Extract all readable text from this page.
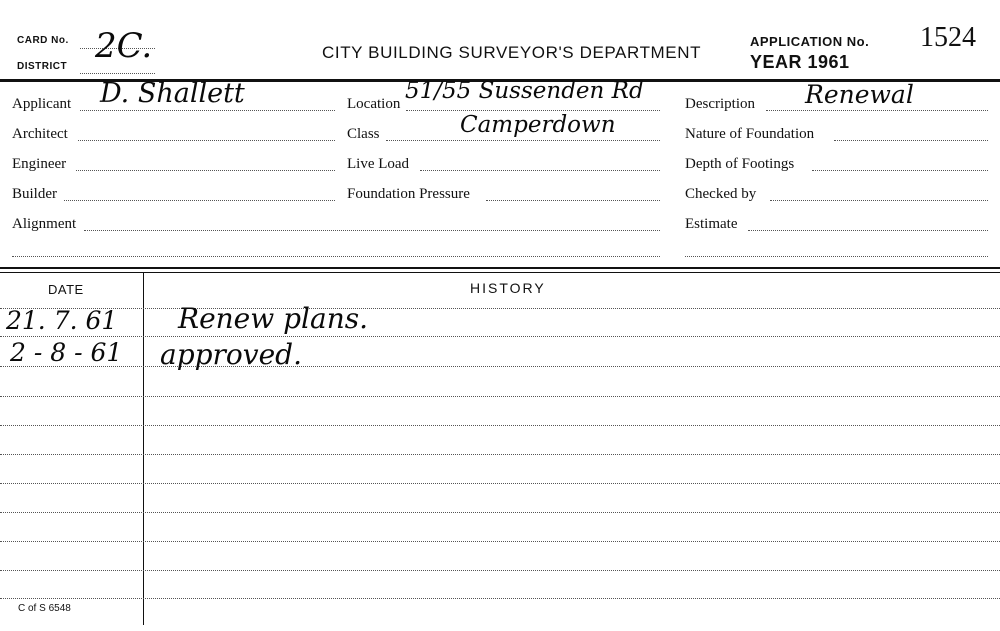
CARD No. 2C.
DISTRICT
CITY BUILDING SURVEYOR'S DEPARTMENT
APPLICATION No. 1524
YEAR 1961
Applicant D. Shallett
Architect
Engineer
Builder
Alignment
Location 51/55 Sussenden Rd
Class	Camperdown
Live Load
Foundation Pressure
Description Renewal
Nature of Foundation
Depth of Footings
Checked by
Estimate
DATE	HISTORY
21. 7. 61 Renew plans.
2 - 8 - 61 approved.
C of S 6548
